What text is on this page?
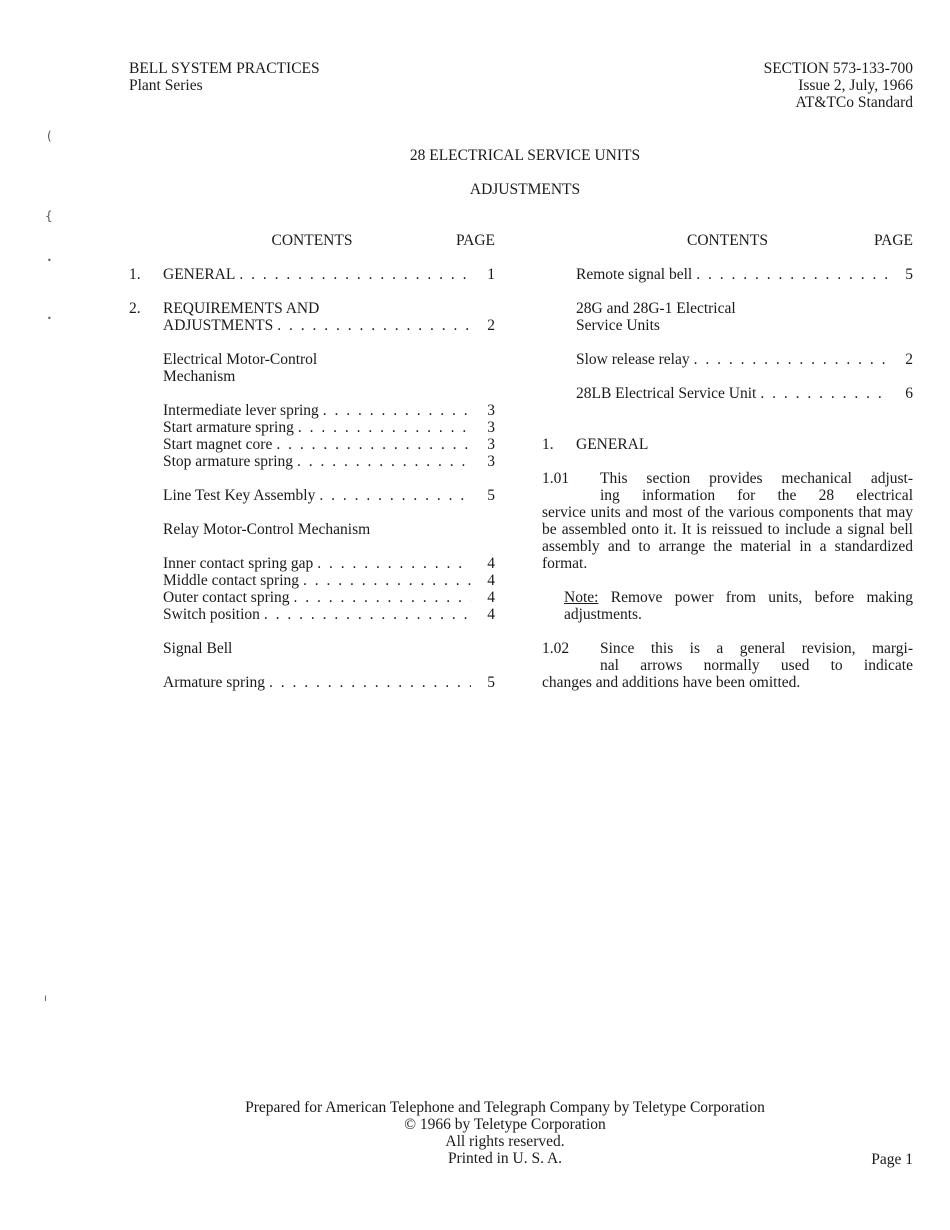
BELL SYSTEM PRACTICES
Plant Series
SECTION 573-133-700
Issue 2, July, 1966
AT&TCo Standard
28 ELECTRICAL SERVICE UNITS
ADJUSTMENTS
(
{
•
•
ı
CONTENTS	PAGE
1.	GENERAL . . .	1
2.	REQUIREMENTS AND
ADJUSTMENTS . . .	2
Electrical Motor-Control
Mechanism
Intermediate lever spring . . .	3
Start armature spring . . .	3
Start magnet core . . .	3
Stop armature spring . . .	3
Line Test Key Assembly . . .	5
Relay Motor-Control Mechanism
Inner contact spring gap . . .	4
Middle contact spring . . .	4
Outer contact spring . . .	4
Switch position . . .	4
Signal Bell
Armature spring . . .	5
CONTENTS	PAGE
Remote signal bell . . .	5
28G and 28G-1 Electrical
Service Units
Slow release relay . . .	2
28LB Electrical Service Unit . . .	6
1.	GENERAL
1.01	This section provides mechanical adjust-
ing information for the 28 electrical
service units and most of the various components that may be assembled onto it. It is reissued to include a signal bell assembly and to arrange the material in a standardized format.
Note: Remove power from units, before making adjustments.
1.02	Since this is a general revision, margi-
nal arrows normally used to indicate
changes and additions have been omitted.
Prepared for American Telephone and Telegraph Company by Teletype Corporation
© 1966 by Teletype Corporation
All rights reserved.
Printed in U. S. A.	Page 1
